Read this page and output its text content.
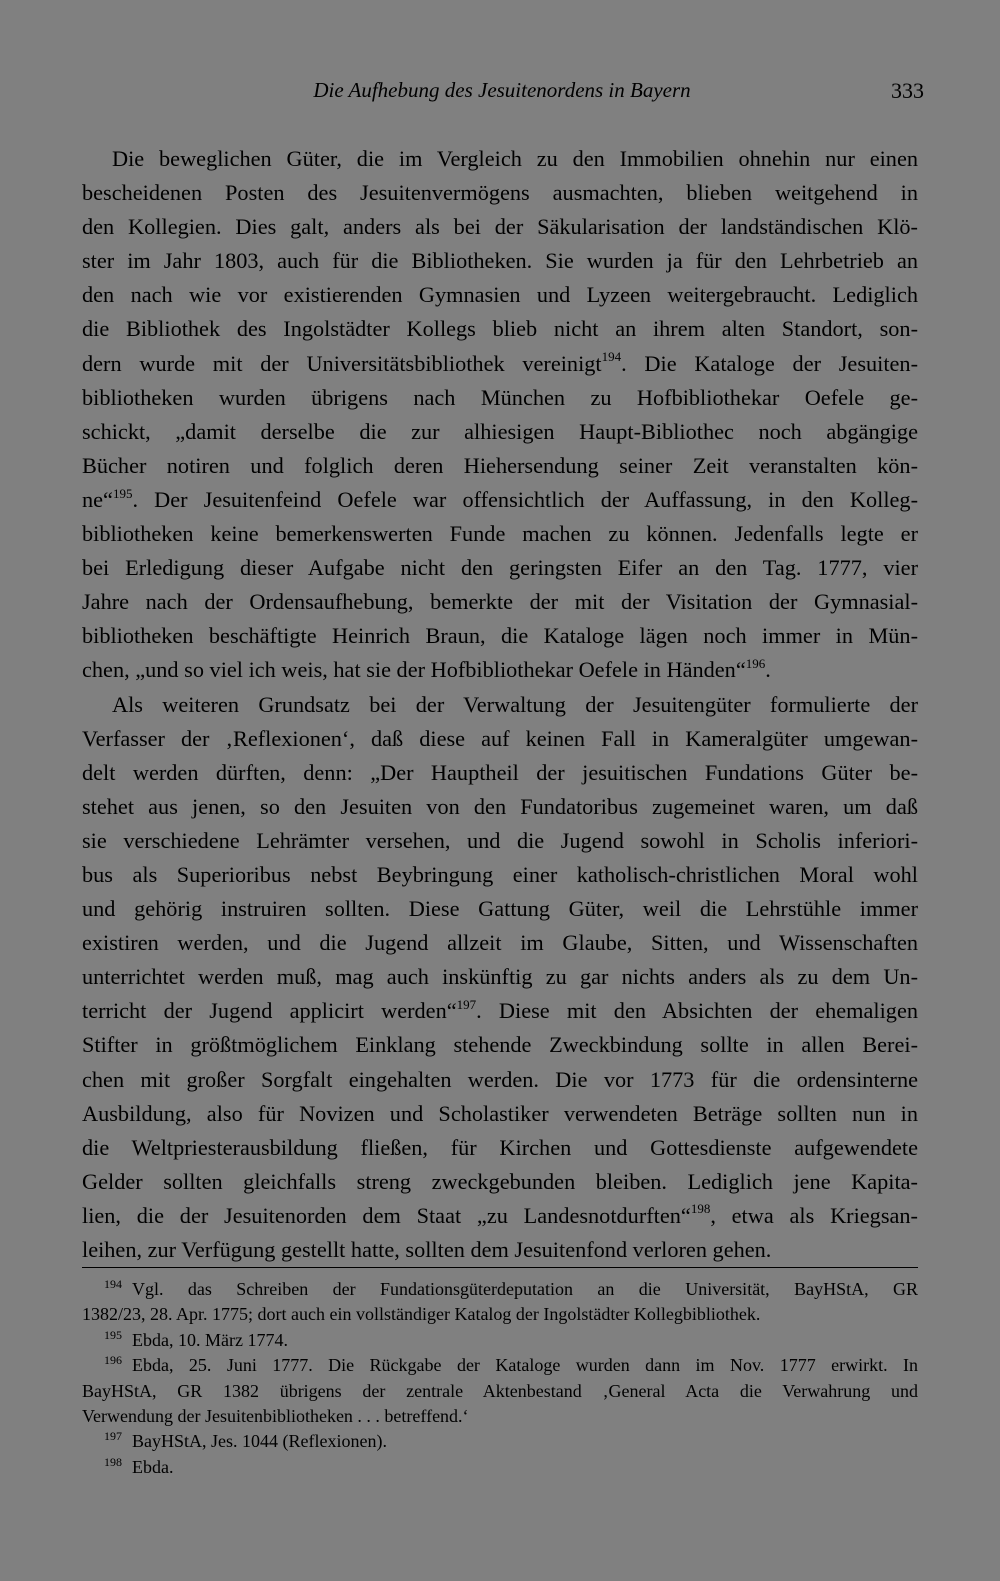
Die Aufhebung des Jesuitenordens in Bayern	333
Die beweglichen Güter, die im Vergleich zu den Immobilien ohnehin nur einen
bescheidenen Posten des Jesuitenvermögens ausmachten, blieben weitgehend in
den Kollegien. Dies galt, anders als bei der Säkularisation der landständischen Klö-
ster im Jahr 1803, auch für die Bibliotheken. Sie wurden ja für den Lehrbetrieb an
den nach wie vor existierenden Gymnasien und Lyzeen weitergebraucht. Lediglich
die Bibliothek des Ingolstädter Kollegs blieb nicht an ihrem alten Standort, son-
dern wurde mit der Universitätsbibliothek vereinigt$^{194}$. Die Kataloge der Jesuiten-
bibliotheken wurden übrigens nach München zu Hofbibliothekar Oefele ge-
schickt, „damit derselbe die zur alhiesigen Haupt-Bibliothec noch abgängige
Bücher notiren und folglich deren Hiehersendung seiner Zeit veranstalten kön-
ne“$^{195}$. Der Jesuitenfeind Oefele war offensichtlich der Auffassung, in den Kolleg-
bibliotheken keine bemerkenswerten Funde machen zu können. Jedenfalls legte er
bei Erledigung dieser Aufgabe nicht den geringsten Eifer an den Tag. 1777, vier
Jahre nach der Ordensaufhebung, bemerkte der mit der Visitation der Gymnasial-
bibliotheken beschäftigte Heinrich Braun, die Kataloge lägen noch immer in Mün-
chen, „und so viel ich weis, hat sie der Hofbibliothekar Oefele in Händen“$^{196}$.
Als weiteren Grundsatz bei der Verwaltung der Jesuitengüter formulierte der
Verfasser der ‚Reflexionen‘, daß diese auf keinen Fall in Kameralgüter umgewan-
delt werden dürften, denn: „Der Hauptheil der jesuitischen Fundations Güter be-
stehet aus jenen, so den Jesuiten von den Fundatoribus zugemeinet waren, um daß
sie verschiedene Lehrämter versehen, und die Jugend sowohl in Scholis inferiori-
bus als Superioribus nebst Beybringung einer katholisch-christlichen Moral wohl
und gehörig instruiren sollten. Diese Gattung Güter, weil die Lehrstühle immer
existiren werden, und die Jugend allzeit im Glaube, Sitten, und Wissenschaften
unterrichtet werden muß, mag auch inskünftig zu gar nichts anders als zu dem Un-
terricht der Jugend applicirt werden“$^{197}$. Diese mit den Absichten der ehemaligen
Stifter in größtmöglichem Einklang stehende Zweckbindung sollte in allen Berei-
chen mit großer Sorgfalt eingehalten werden. Die vor 1773 für die ordensinterne
Ausbildung, also für Novizen und Scholastiker verwendeten Beträge sollten nun in
die Weltpriesterausbildung fließen, für Kirchen und Gottesdienste aufgewendete
Gelder sollten gleichfalls streng zweckgebunden bleiben. Lediglich jene Kapita-
lien, die der Jesuitenorden dem Staat „zu Landesnotdurften“$^{198}$, etwa als Kriegsan-
leihen, zur Verfügung gestellt hatte, sollten dem Jesuitenfond verloren gehen.
$^{194}$ Vgl. das Schreiben der Fundationsgüterdeputation an die Universität, BayHStA, GR
1382/23, 28. Apr. 1775; dort auch ein vollständiger Katalog der Ingolstädter Kollegbibliothek.
$^{195}$ Ebda, 10. März 1774.
$^{196}$ Ebda, 25. Juni 1777. Die Rückgabe der Kataloge wurden dann im Nov. 1777 erwirkt. In
BayHStA, GR 1382 übrigens der zentrale Aktenbestand ‚General Acta die Verwahrung und
Verwendung der Jesuitenbibliotheken . . . betreffend.‘
$^{197}$ BayHStA, Jes. 1044 (Reflexionen).
$^{198}$ Ebda.
